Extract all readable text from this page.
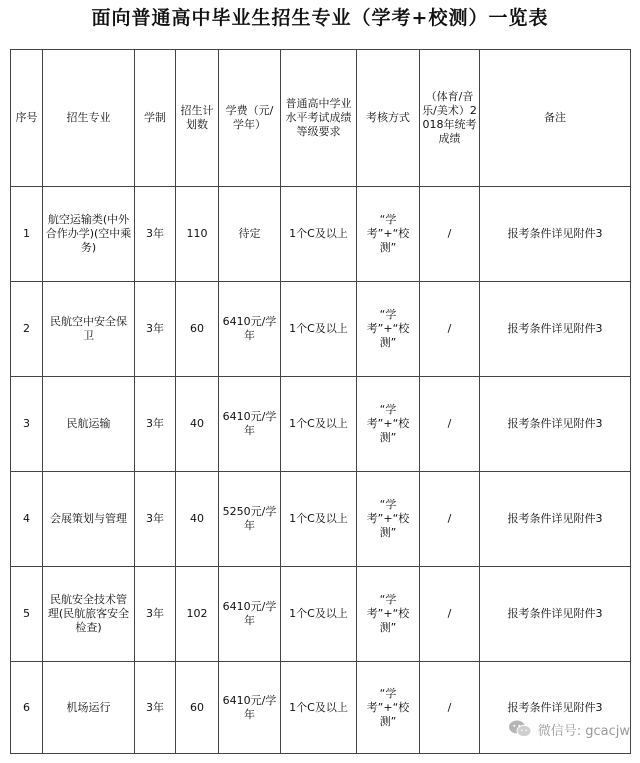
面向普通高中毕业生招生专业（学考+校测）一览表
序号	招生专业	学制	招生计划数	学费（元/学年）	普通高中学业水平考试成绩等级要求	考核方式	（体育/音乐/美术）2018年统考成绩	备注
1	航空运输类(中外合作办学)(空中乘务)	3年	110	待定	1个C及以上	“学考”+“校测”	/	报考条件详见附件3
2	民航空中安全保卫	3年	60	6410元/学年	1个C及以上	“学考”+“校测”	/	报考条件详见附件3
3	民航运输	3年	40	6410元/学年	1个C及以上	“学考”+“校测”	/	报考条件详见附件3
4	会展策划与管理	3年	40	5250元/学年	1个C及以上	“学考”+“校测”	/	报考条件详见附件3
5	民航安全技术管理(民航旅客安全检查)	3年	102	6410元/学年	1个C及以上	“学考”+“校测”	/	报考条件详见附件3
6	机场运行	3年	60	6410元/学年	1个C及以上	“学考”+“校测”	/	报考条件详见附件3
微信号: gcacjw
